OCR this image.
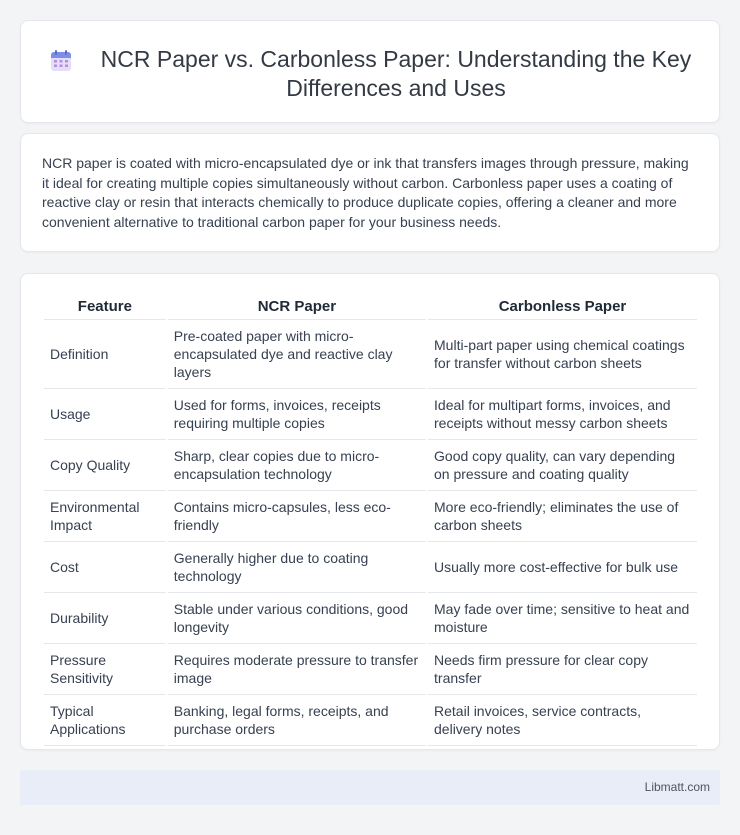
NCR Paper vs. Carbonless Paper: Understanding the Key Differences and Uses

NCR paper is coated with micro-encapsulated dye or ink that transfers images through pressure, making it ideal for creating multiple copies simultaneously without carbon. Carbonless paper uses a coating of reactive clay or resin that interacts chemically to produce duplicate copies, offering a cleaner and more convenient alternative to traditional carbon paper for your business needs.

Feature	NCR Paper	Carbonless Paper
Definition	Pre-coated paper with micro-encapsulated dye and reactive clay layers	Multi-part paper using chemical coatings for transfer without carbon sheets
Usage	Used for forms, invoices, receipts requiring multiple copies	Ideal for multipart forms, invoices, and receipts without messy carbon sheets
Copy Quality	Sharp, clear copies due to micro-encapsulation technology	Good copy quality, can vary depending on pressure and coating quality
Environmental Impact	Contains micro-capsules, less eco-friendly	More eco-friendly; eliminates the use of carbon sheets
Cost	Generally higher due to coating technology	Usually more cost-effective for bulk use
Durability	Stable under various conditions, good longevity	May fade over time; sensitive to heat and moisture
Pressure Sensitivity	Requires moderate pressure to transfer image	Needs firm pressure for clear copy transfer
Typical Applications	Banking, legal forms, receipts, and purchase orders	Retail invoices, service contracts, delivery notes
Libmatt.com
